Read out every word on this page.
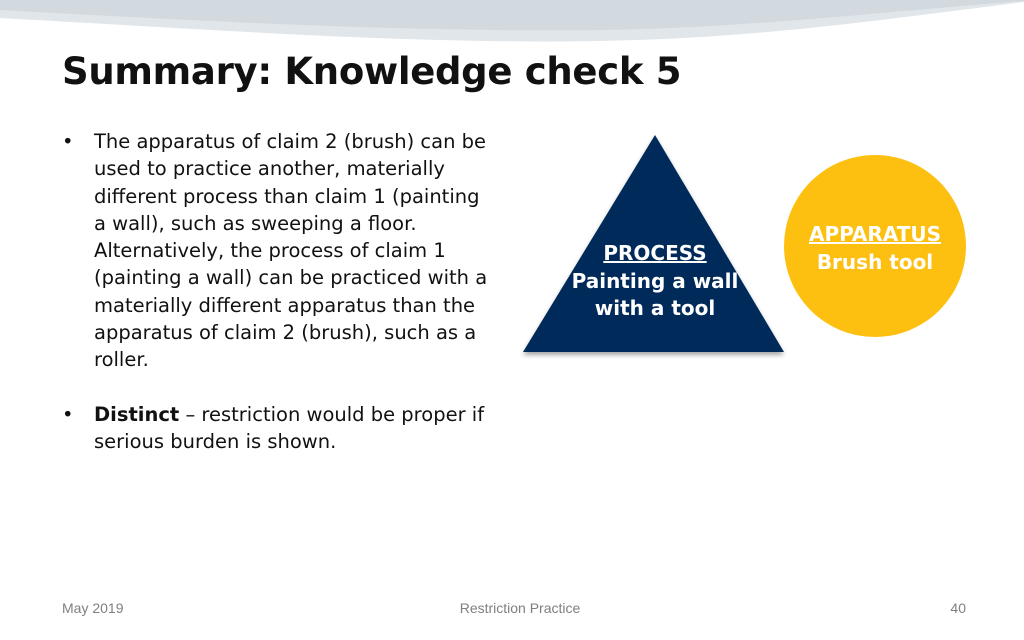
Summary: Knowledge check 5
• The apparatus of claim 2 (brush) can be used to practice another, materially different process than claim 1 (painting a wall), such as sweeping a floor. Alternatively, the process of claim 1 (painting a wall) can be practiced with a materially different apparatus than the apparatus of claim 2 (brush), such as a roller.
• Distinct – restriction would be proper if serious burden is shown.
PROCESS
Painting a wall
with a tool
APPARATUS
Brush tool
May 2019	Restriction Practice	40
